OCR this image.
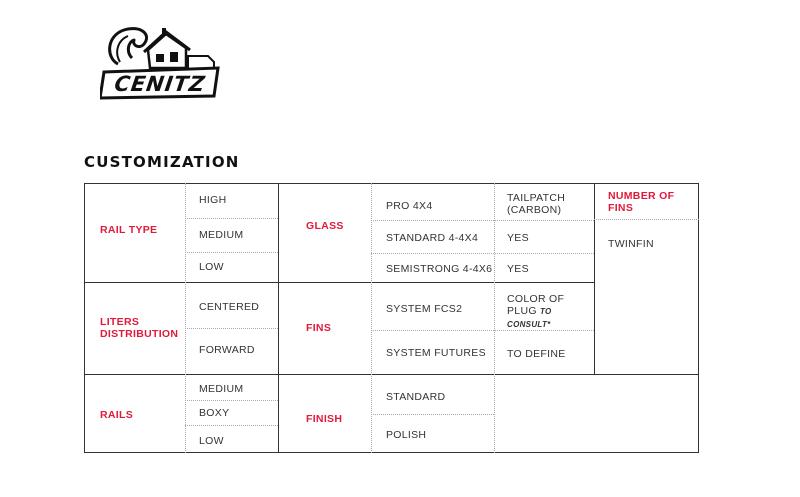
CENITZ
CUSTOMIZATION
RAIL TYPE
HIGH
MEDIUM
LOW
LITERS DISTRIBUTION
CENTERED
FORWARD
RAILS
MEDIUM
BOXY
LOW
GLASS
PRO 4X4
STANDARD 4-4X4
SEMISTRONG 4-4X6
TAILPATCH (CARBON)
YES
YES
FINS
SYSTEM FCS2
SYSTEM FUTURES
COLOR OF PLUG TO CONSULT*
TO DEFINE
FINISH
STANDARD
POLISH
NUMBER OF FINS
TWINFIN
